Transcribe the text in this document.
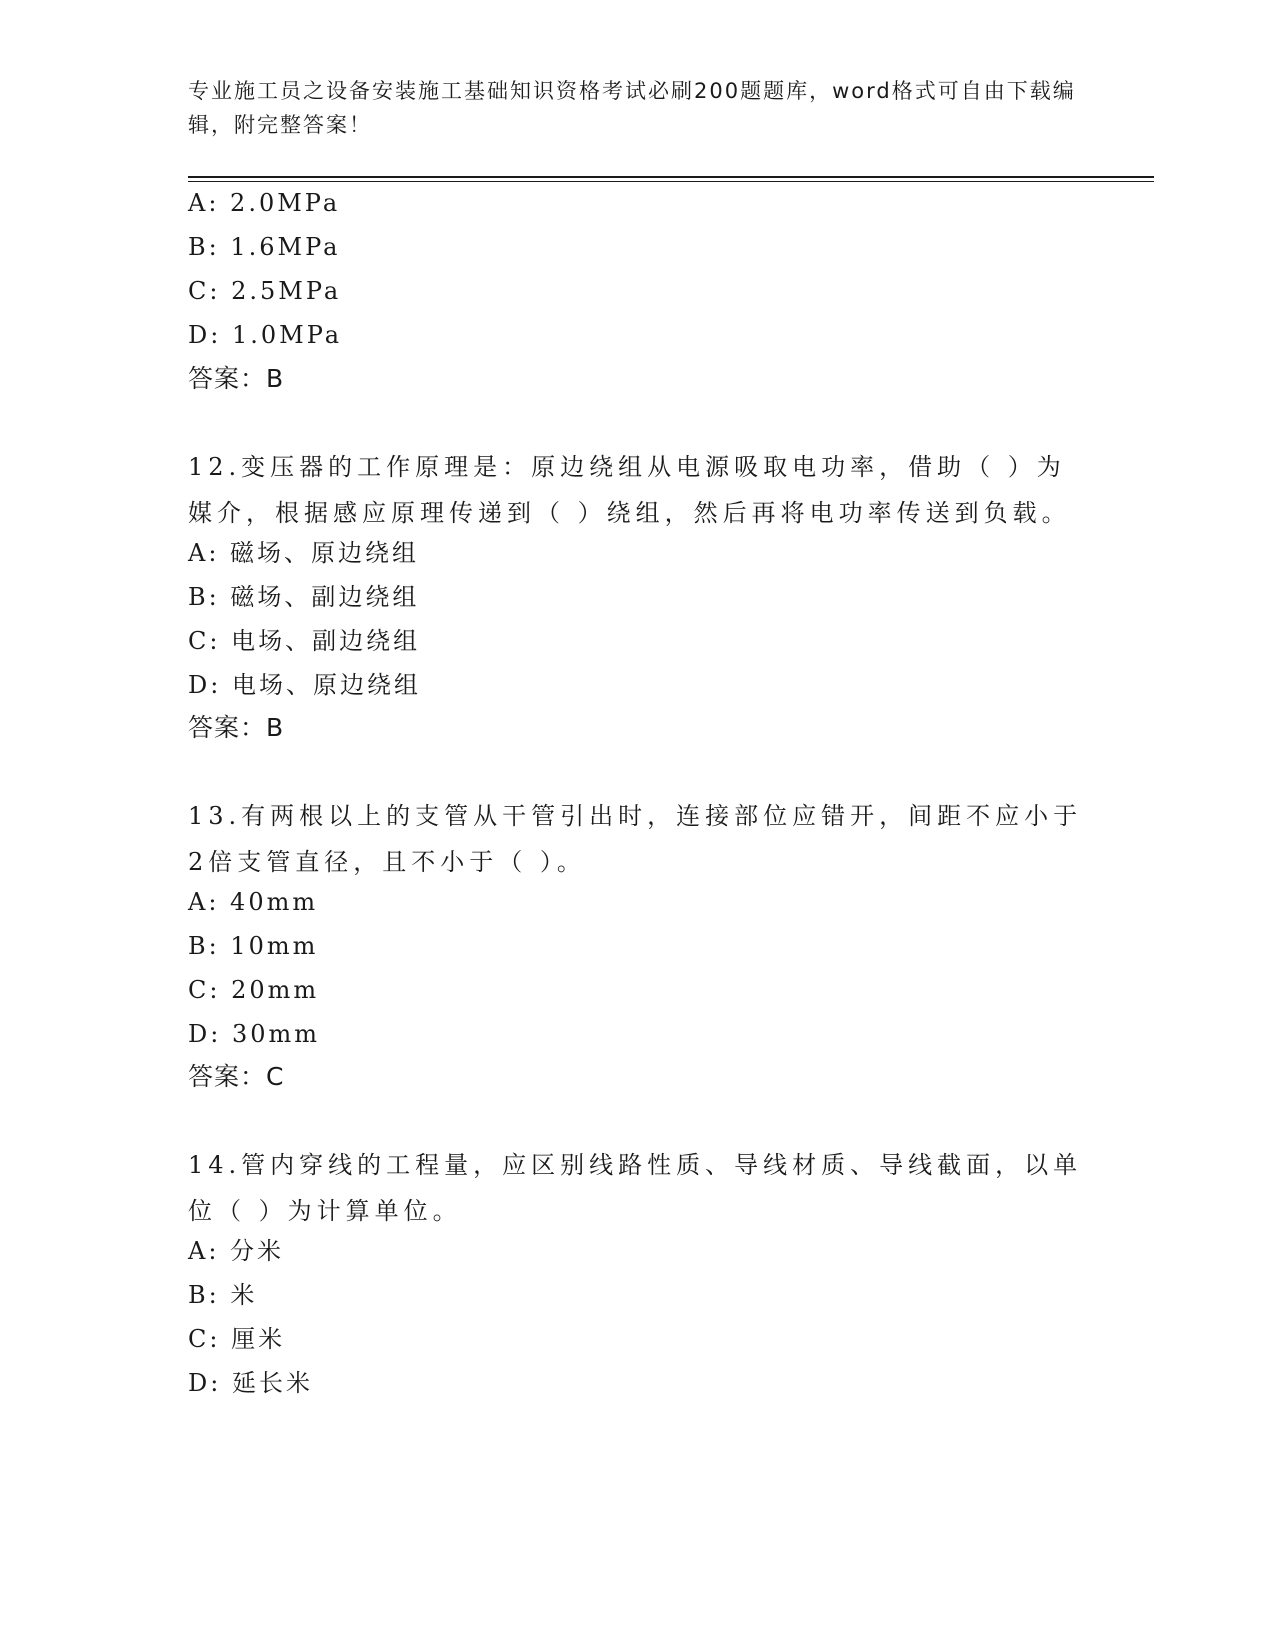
专业施工员之设备安装施工基础知识资格考试必刷200题题库，word格式可自由下载编辑，附完整答案！
A: 2.0MPa
B: 1.6MPa
C: 2.5MPa
D: 1.0MPa
答案：B
12.变压器的工作原理是：原边绕组从电源吸取电功率，借助（ ）为媒介，根据感应原理传递到（ ）绕组，然后再将电功率传送到负载。
A: 磁场、原边绕组
B: 磁场、副边绕组
C: 电场、副边绕组
D: 电场、原边绕组
答案：B
13.有两根以上的支管从干管引出时，连接部位应错开，间距不应小于2倍支管直径，且不小于（ ）。
A: 40mm
B: 10mm
C: 20mm
D: 30mm
答案：C
14.管内穿线的工程量，应区别线路性质、导线材质、导线截面，以单位（ ）为计算单位。
A: 分米
B: 米
C: 厘米
D: 延长米
